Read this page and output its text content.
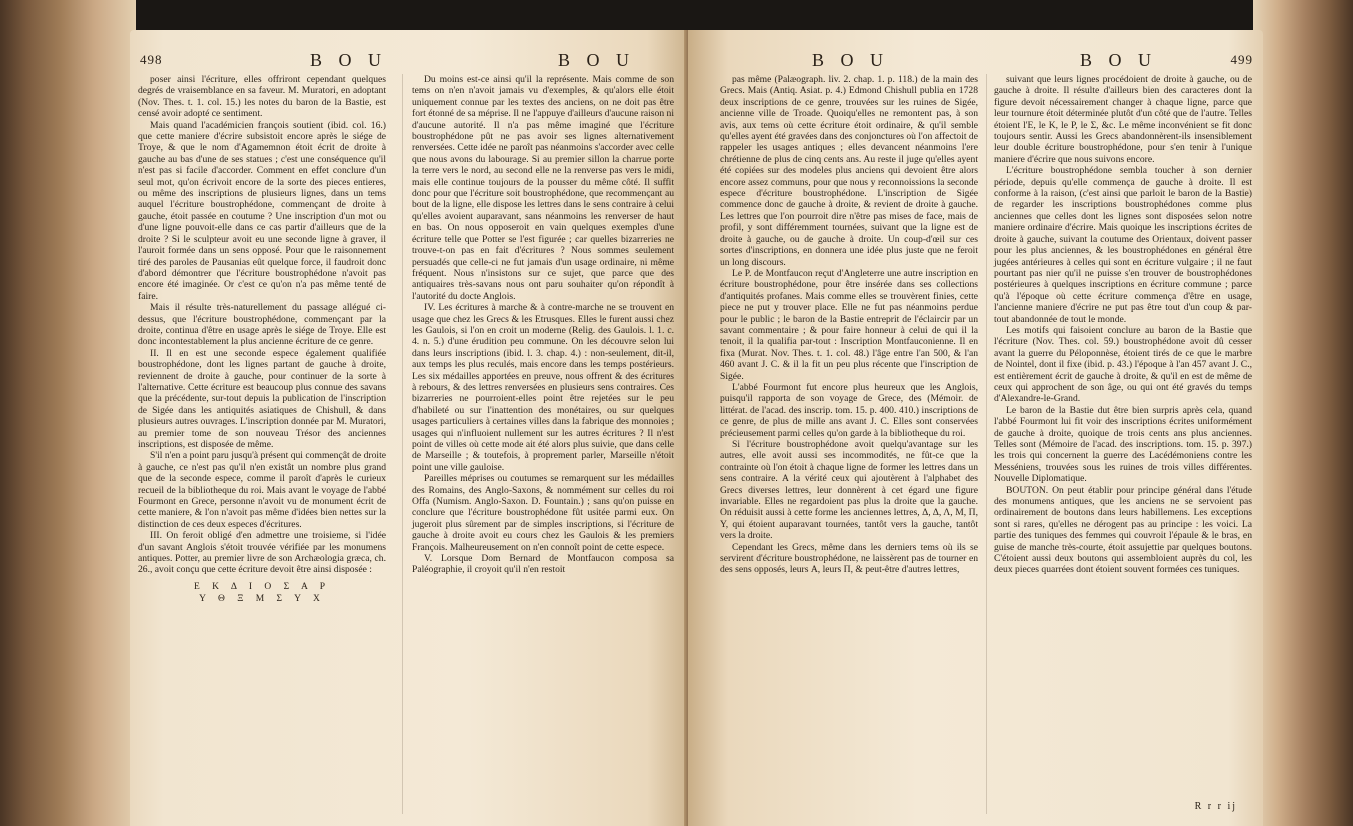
498	B O U	B O U

poser ainsi l'écriture, elles offriront cependant quelques degrés de vraisemblance en sa faveur. M. Muratori, en adoptant (Nov. Thes. t. 1. col. 15.) les notes du baron de la Bastie, est censé avoir adopté ce sentiment.

Mais quand l'académicien françois soutient (ibid. col. 16.) que cette maniere d'écrire subsistoit encore après le siége de Troye, & que le nom d'Agamemnon étoit écrit de droite à gauche au bas d'une de ses statues ; c'est une conséquence qu'il n'est pas si facile d'accorder. Comment en effet conclure d'un seul mot, qu'on écrivoit encore de la sorte des pieces entieres, ou même des inscriptions de plusieurs lignes, dans un tems auquel l'écriture boustrophédone, commençant de droite à gauche, étoit passée en coutume ? Une inscription d'un mot ou d'une ligne pouvoit-elle dans ce cas partir d'ailleurs que de la droite ? Si le sculpteur avoit eu une seconde ligne à graver, il l'auroit formée dans un sens opposé. Pour que le raisonnement tiré des paroles de Pausanias eût quelque force, il faudroit donc d'abord démontrer que l'écriture boustrophédone n'avoit pas encore été imaginée. Or c'est ce qu'on n'a pas même tenté de faire.

Mais il résulte très-naturellement du passage allégué ci-dessus, que l'écriture boustrophédone, commençant par la droite, continua d'être en usage après le siége de Troye. Elle est donc incontestablement la plus ancienne écriture de ce genre.

II. Il en est une seconde espece également qualifiée boustrophédone, dont les lignes partant de gauche à droite, reviennent de droite à gauche, pour continuer de la sorte à l'alternative. Cette écriture est beaucoup plus connue des savans que la précédente, sur-tout depuis la publication de l'inscription de Sigée dans les antiquités asiatiques de Chishull, & dans plusieurs autres ouvrages. L'inscription donnée par M. Muratori, au premier tome de son nouveau Trésor des anciennes inscriptions, est disposée de même.

S'il n'en a point paru jusqu'à présent qui commençât de droite à gauche, ce n'est pas qu'il n'en existât un nombre plus grand que de la seconde espece, comme il paroît d'après le curieux recueil de la bibliotheque du roi. Mais avant le voyage de l'abbé Fourmont en Grece, personne n'avoit vu de monument écrit de cette maniere, & l'on n'avoit pas même d'idées bien nettes sur la distinction de ces deux especes d'écritures.

III. On feroit obligé d'en admettre une troisieme, si l'idée d'un savant Anglois s'étoit trouvée vérifiée par les monumens antiques. Potter, au premier livre de son Archæologia græca, ch. 26., avoit conçu que cette écriture devoit être ainsi disposée :

Ε Κ Δ Ι Ο Σ Α Ρ

Υ Θ Ξ Μ Σ Υ Χ

Du moins est-ce ainsi qu'il la représente. Mais comme de son tems on n'en n'avoit jamais vu d'exemples, & qu'alors elle étoit uniquement connue par les textes des anciens, on ne doit pas être fort étonné de sa méprise. Il ne l'appuye d'ailleurs d'aucune raison ni d'aucune autorité. Il n'a pas même imaginé que l'écriture boustrophédone pût ne pas avoir ses lignes alternativement renversées. Cette idée ne paroît pas néanmoins s'accorder avec celle que nous avons du labourage. Si au premier sillon la charrue porte la terre vers le nord, au second elle ne la renverse pas vers le midi, mais elle continue toujours de la pousser du même côté. Il suffit donc pour que l'écriture soit boustrophédone, que recommençant au bout de la ligne, elle dispose les lettres dans le sens contraire à celui qu'elles avoient auparavant, sans néanmoins les renverser de haut en bas. On nous opposeroit en vain quelques exemples d'une écriture telle que Potter se l'est figurée ; car quelles bizarreries ne trouve-t-on pas en fait d'écritures ? Nous sommes seulement persuadés que celle-ci ne fut jamais d'un usage ordinaire, ni même fréquent. Nous n'insistons sur ce sujet, que parce que des antiquaires très-savans nous ont paru souhaiter qu'on répondît à l'autorité du docte Anglois.

IV. Les écritures à marche & à contre-marche ne se trouvent en usage que chez les Grecs & les Etrusques. Elles le furent aussi chez les Gaulois, si l'on en croit un moderne (Relig. des Gaulois. l. 1. c. 4. n. 5.) d'une érudition peu commune. On les découvre selon lui dans leurs inscriptions (ibid. l. 3. chap. 4.) : non-seulement, dit-il, aux temps les plus reculés, mais encore dans les temps postérieurs. Les six médailles apportées en preuve, nous offrent & des écritures à rebours, & des lettres renversées en plusieurs sens contraires. Ces bizarreries ne pourroient-elles point être rejetées sur le peu d'habileté ou sur l'inattention des monétaires, ou sur quelques usages particuliers à certaines villes dans la fabrique des monnoies ; usages qui n'influoient nullement sur les autres écritures ? Il n'est point de villes où cette mode ait été alors plus suivie, que dans celle de Marseille ; & toutefois, à proprement parler, Marseille n'étoit point une ville gauloise.

Pareilles méprises ou coutumes se remarquent sur les médailles des Romains, des Anglo-Saxons, & nommément sur celles du roi Offa (Numism. Anglo-Saxon. D. Fountain.) ; sans qu'on puisse en conclure que l'écriture boustrophédone fût usitée parmi eux. On jugeroit plus sûrement par de simples inscriptions, si l'écriture de gauche à droite avoit eu cours chez les Gaulois & les premiers François. Malheureusement on n'en connoît point de cette espece.

V. Lorsque Dom Bernard de Montfaucon composa sa Paléographie, il croyoit qu'il n'en restoit

B O U	B O U	499

pas même (Palæograph. liv. 2. chap. 1. p. 118.) de la main des Grecs. Mais (Antiq. Asiat. p. 4.) Edmond Chishull publia en 1728 deux inscriptions de ce genre, trouvées sur les ruines de Sigée, ancienne ville de Troade. Quoiqu'elles ne remontent pas, à son avis, aux tems où cette écriture étoit ordinaire, & qu'il semble qu'elles ayent été gravées dans des conjonctures où l'on affectoit de rappeler les usages antiques ; elles devancent néanmoins l'ere chrétienne de plus de cinq cents ans. Au reste il juge qu'elles ayent été copiées sur des modeles plus anciens qui devoient être alors encore assez communs, pour que nous y reconnoissions la seconde espece d'écriture boustrophédone. L'inscription de Sigée commence donc de gauche à droite, & revient de droite à gauche. Les lettres que l'on pourroit dire n'être pas mises de face, mais de profil, y sont différemment tournées, suivant que la ligne est de droite à gauche, ou de gauche à droite. Un coup-d'œil sur ces sortes d'inscriptions, en donnera une idée plus juste que ne feroit un long discours.

Le P. de Montfaucon reçut d'Angleterre une autre inscription en écriture boustrophédone, pour être insérée dans ses collections d'antiquités profanes. Mais comme elles se trouvèrent finies, cette piece ne put y trouver place. Elle ne fut pas néanmoins perdue pour le public ; le baron de la Bastie entreprit de l'éclaircir par un savant commentaire ; & pour faire honneur à celui de qui il la tenoit, il la qualifia par-tout : Inscription Montfauconienne. Il en fixa (Murat. Nov. Thes. t. 1. col. 48.) l'âge entre l'an 500, & l'an 460 avant J. C. & il la fit un peu plus récente que l'inscription de Sigée.

L'abbé Fourmont fut encore plus heureux que les Anglois, puisqu'il rapporta de son voyage de Grece, des (Mémoir. de littérat. de l'acad. des inscrip. tom. 15. p. 400. 410.) inscriptions de ce genre, de plus de mille ans avant J. C. Elles sont conservées précieusement parmi celles qu'on garde à la bibliotheque du roi.

Si l'écriture boustrophédone avoit quelqu'avantage sur les autres, elle avoit aussi ses incommodités, ne fût-ce que la contrainte où l'on étoit à chaque ligne de former les lettres dans un sens contraire. A la vérité ceux qui ajoutèrent à l'alphabet des Grecs diverses lettres, leur donnèrent à cet égard une figure invariable. Elles ne regardoient pas plus la droite que la gauche. On réduisit aussi à cette forme les anciennes lettres, Δ, Δ, Λ, Μ, Π, Υ, qui étoient auparavant tournées, tantôt vers la gauche, tantôt vers la droite.

Cependant les Grecs, même dans les derniers tems où ils se servirent d'écriture boustrophédone, ne laissèrent pas de tourner en des sens opposés, leurs Α, leurs Π, & peut-être d'autres lettres,

suivant que leurs lignes procédoient de droite à gauche, ou de gauche à droite. Il résulte d'ailleurs bien des caracteres dont la figure devoit nécessairement changer à chaque ligne, parce que leur tournure étoit déterminée plutôt d'un côté que de l'autre. Telles étoient l'Ε, le Κ, le Ρ, le Σ, &c. Le même inconvénient se fit donc toujours sentir. Aussi les Grecs abandonnèrent-ils insensiblement leur double écriture boustrophédone, pour s'en tenir à l'unique maniere d'écrire que nous suivons encore.

L'écriture boustrophédone sembla toucher à son dernier période, depuis qu'elle commença de gauche à droite. Il est conforme à la raison, (c'est ainsi que parloit le baron de la Bastie) de regarder les inscriptions boustrophédones comme plus anciennes que celles dont les lignes sont disposées selon notre maniere ordinaire d'écrire. Mais quoique les inscriptions écrites de droite à gauche, suivant la coutume des Orientaux, doivent passer pour les plus anciennes, & les boustrophédones en général être jugées antérieures à celles qui sont en écriture vulgaire ; il ne faut pourtant pas nier qu'il ne puisse s'en trouver de boustrophédones postérieures à quelques inscriptions en écriture commune ; parce qu'à l'époque où cette écriture commença d'être en usage, l'ancienne maniere d'écrire ne put pas être tout d'un coup & par-tout abandonnée de tout le monde.

Les motifs qui faisoient conclure au baron de la Bastie que l'écriture (Nov. Thes. col. 59.) boustrophédone avoit dû cesser avant la guerre du Péloponnèse, étoient tirés de ce que le marbre de Nointel, dont il fixe (ibid. p. 43.) l'époque à l'an 457 avant J. C., est entièrement écrit de gauche à droite, & qu'il en est de même de ceux qui approchent de son âge, ou qui ont été gravés du temps d'Alexandre-le-Grand.

Le baron de la Bastie dut être bien surpris après cela, quand l'abbé Fourmont lui fit voir des inscriptions écrites uniformément de gauche à droite, quoique de trois cents ans plus anciennes. Telles sont (Mémoire de l'acad. des inscriptions. tom. 15. p. 397.) les trois qui concernent la guerre des Lacédémoniens contre les Messéniens, trouvées sous les ruines de trois villes différentes. Nouvelle Diplomatique.

BOUTON. On peut établir pour principe général dans l'étude des monumens antiques, que les anciens ne se servoient pas ordinairement de boutons dans leurs habillemens. Les exceptions sont si rares, qu'elles ne dérogent pas au principe : les voici. La partie des tuniques des femmes qui couvroit l'épaule & le bras, en guise de manche très-courte, étoit assujettie par quelques boutons. C'étoient aussi deux boutons qui assembloient auprès du col, les deux pieces quarrées dont étoient souvent formées ces tuniques.

R r r ij
